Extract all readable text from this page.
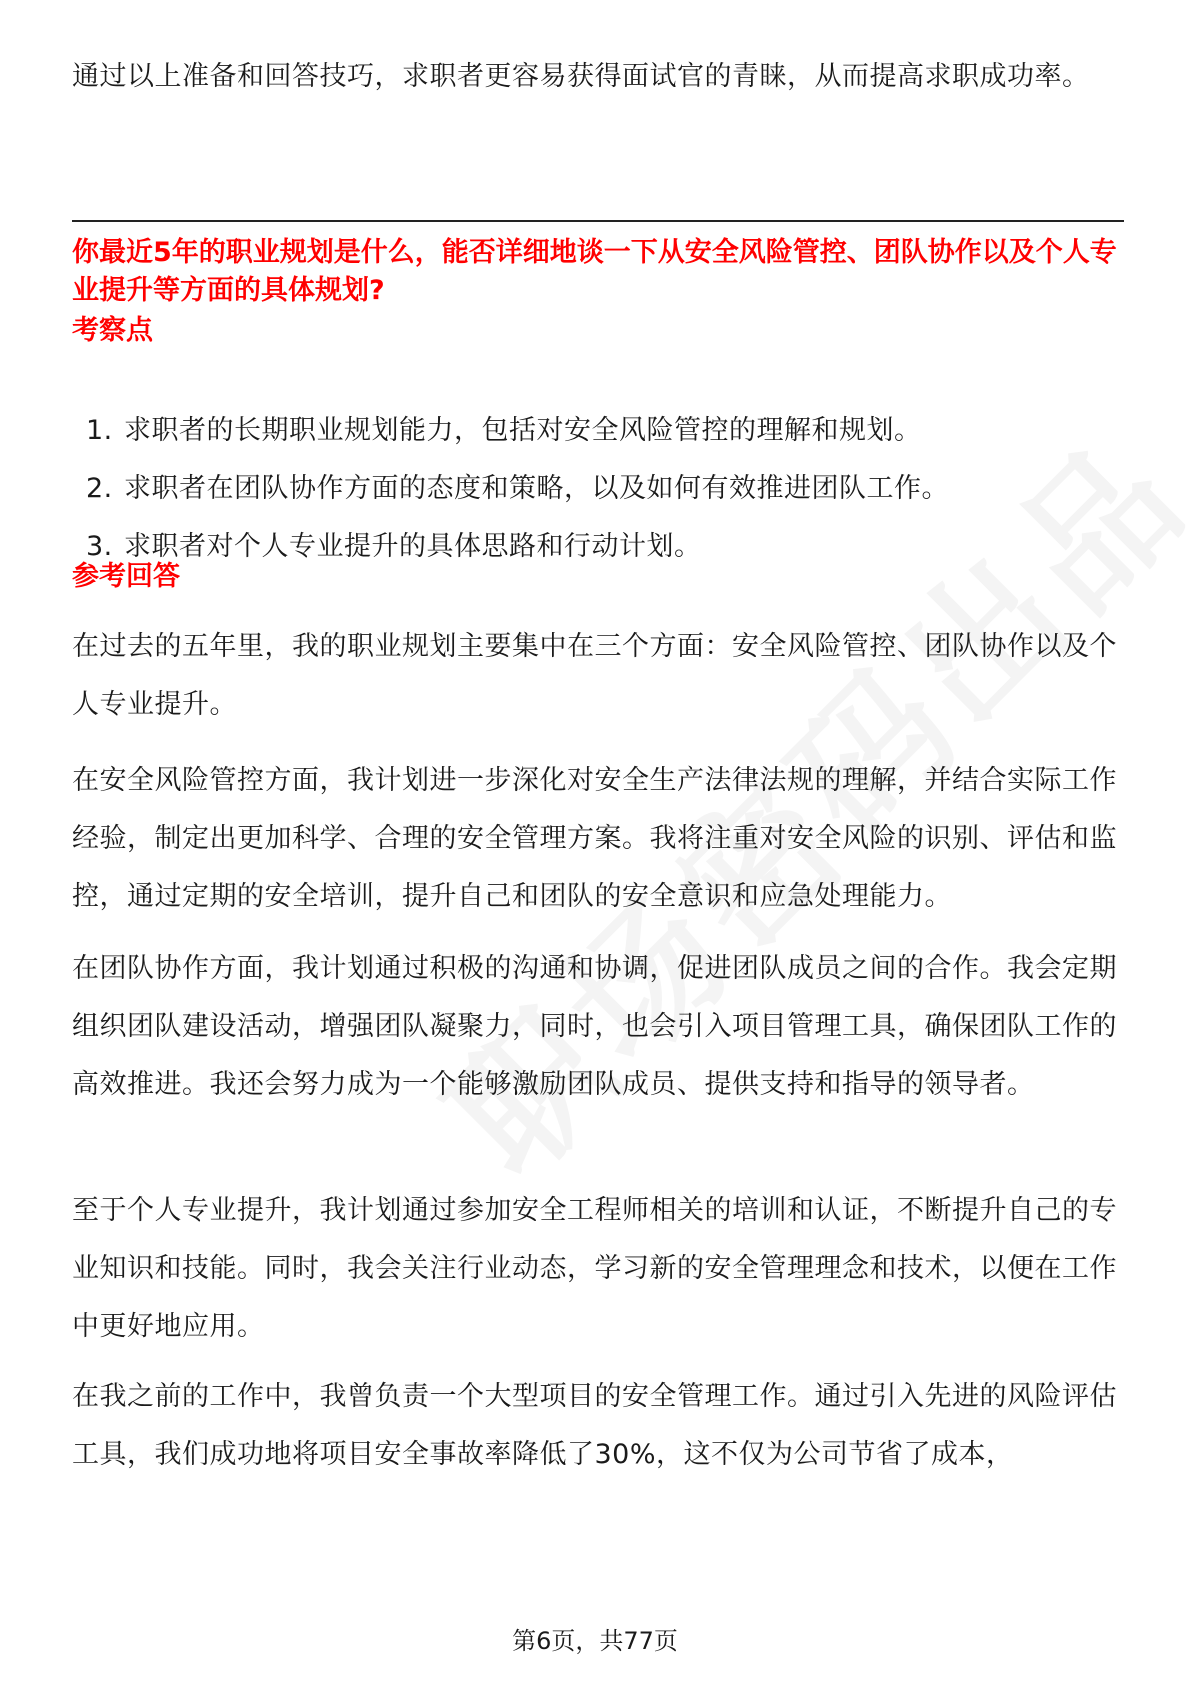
通过以上准备和回答技巧，求职者更容易获得面试官的青睐，从而提高求职成功率。

你最近5年的职业规划是什么，能否详细地谈一下从安全风险管控、团队协作以及个人专业提升等方面的具体规划?

考察点

1. 求职者的长期职业规划能力，包括对安全风险管控的理解和规划。
2. 求职者在团队协作方面的态度和策略，以及如何有效推进团队工作。
3. 求职者对个人专业提升的具体思路和行动计划。

参考回答

在过去的五年里，我的职业规划主要集中在三个方面：安全风险管控、团队协作以及个人专业提升。

在安全风险管控方面，我计划进一步深化对安全生产法律法规的理解，并结合实际工作经验，制定出更加科学、合理的安全管理方案。我将注重对安全风险的识别、评估和监控，通过定期的安全培训，提升自己和团队的安全意识和应急处理能力。

在团队协作方面，我计划通过积极的沟通和协调，促进团队成员之间的合作。我会定期组织团队建设活动，增强团队凝聚力，同时，也会引入项目管理工具，确保团队工作的高效推进。我还会努力成为一个能够激励团队成员、提供支持和指导的领导者。

至于个人专业提升，我计划通过参加安全工程师相关的培训和认证，不断提升自己的专业知识和技能。同时，我会关注行业动态，学习新的安全管理理念和技术，以便在工作中更好地应用。

在我之前的工作中，我曾负责一个大型项目的安全管理工作。通过引入先进的风险评估工具，我们成功地将项目安全事故率降低了30%，这不仅为公司节省了成本，

第6页，共77页
